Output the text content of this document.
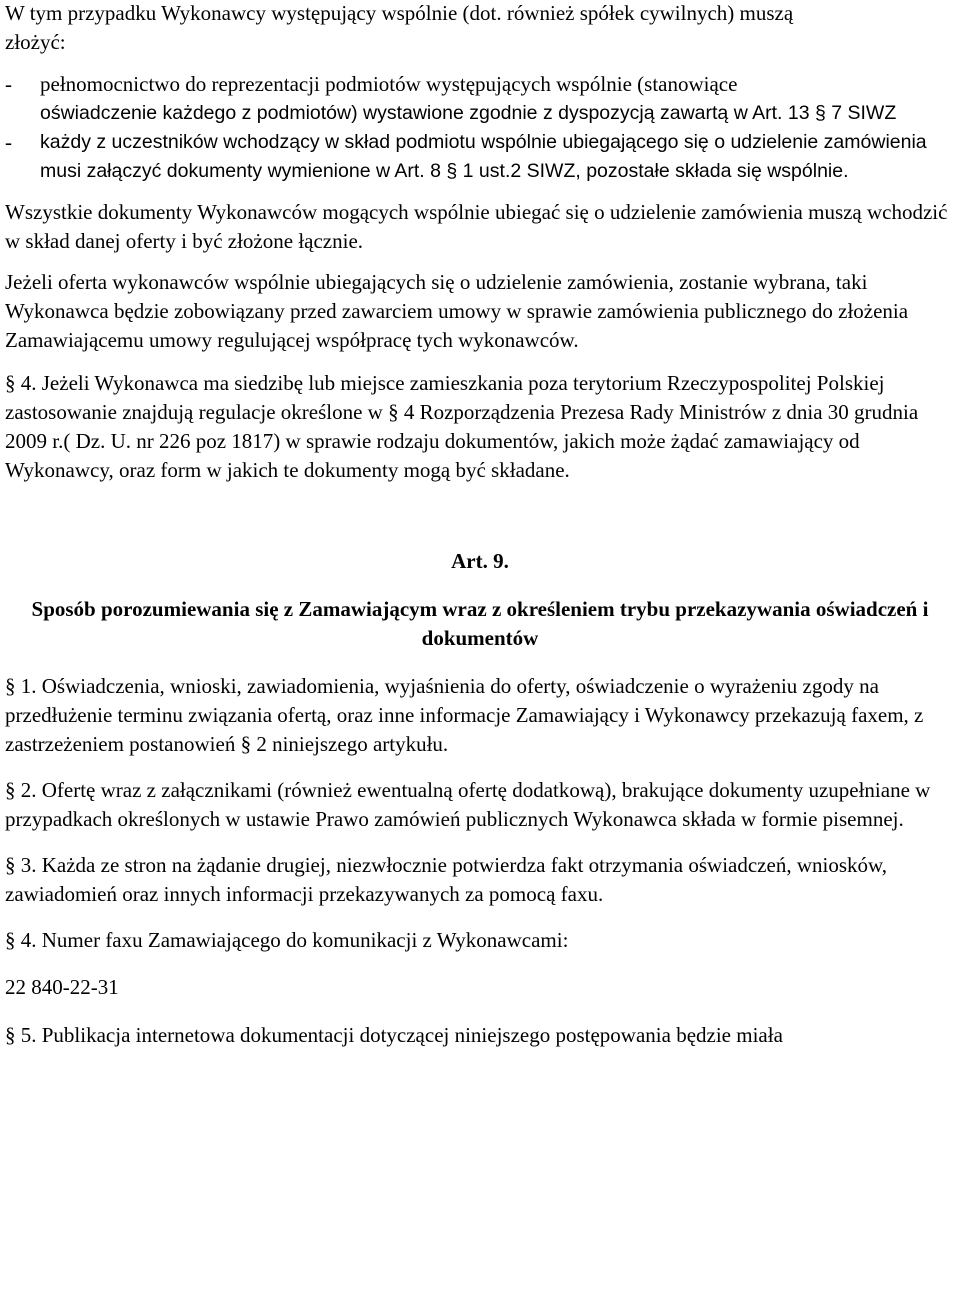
W tym przypadku Wykonawcy występujący wspólnie (dot. również spółek cywilnych) muszą

złożyć:

- pełnomocnictwo do reprezentacji podmiotów występujących wspólnie (stanowiące
oświadczenie każdego z podmiotów) wystawione zgodnie z dyspozycją zawartą w Art. 13 § 7 SIWZ
- każdy z uczestników wchodzący w skład podmiotu wspólnie ubiegającego się o udzielenie zamówienia musi załączyć dokumenty wymienione w Art. 8 § 1 ust.2 SIWZ, pozostałe składa się wspólnie.

Wszystkie dokumenty Wykonawców mogących wspólnie ubiegać się o udzielenie zamówienia muszą wchodzić w skład danej oferty i być złożone łącznie.

Jeżeli oferta wykonawców wspólnie ubiegających się o udzielenie zamówienia, zostanie wybrana, taki Wykonawca będzie zobowiązany przed zawarciem umowy w sprawie zamówienia publicznego do złożenia Zamawiającemu umowy regulującej współpracę tych wykonawców.

§ 4. Jeżeli Wykonawca ma siedzibę lub miejsce zamieszkania poza terytorium Rzeczypospolitej Polskiej zastosowanie znajdują regulacje określone w § 4 Rozporządzenia Prezesa Rady Ministrów z dnia 30 grudnia 2009 r.( Dz. U. nr 226 poz 1817) w sprawie rodzaju dokumentów, jakich może żądać zamawiający od Wykonawcy, oraz form w jakich te dokumenty mogą być składane.

Art. 9.

Sposób porozumiewania się z Zamawiającym wraz z określeniem trybu przekazywania oświadczeń i dokumentów

§ 1. Oświadczenia, wnioski, zawiadomienia, wyjaśnienia do oferty, oświadczenie o wyrażeniu zgody na przedłużenie terminu związania ofertą, oraz inne informacje Zamawiający i Wykonawcy przekazują faxem, z zastrzeżeniem postanowień § 2 niniejszego artykułu.

§ 2. Ofertę wraz z załącznikami (również ewentualną ofertę dodatkową), brakujące dokumenty uzupełniane w przypadkach określonych w ustawie Prawo zamówień publicznych Wykonawca składa w formie pisemnej.

§ 3. Każda ze stron na żądanie drugiej, niezwłocznie potwierdza fakt otrzymania oświadczeń, wniosków, zawiadomień oraz innych informacji przekazywanych za pomocą faxu.

§ 4. Numer faxu Zamawiającego do komunikacji z Wykonawcami:

22 840-22-31

§ 5. Publikacja internetowa dokumentacji dotyczącej niniejszego postępowania będzie miała
